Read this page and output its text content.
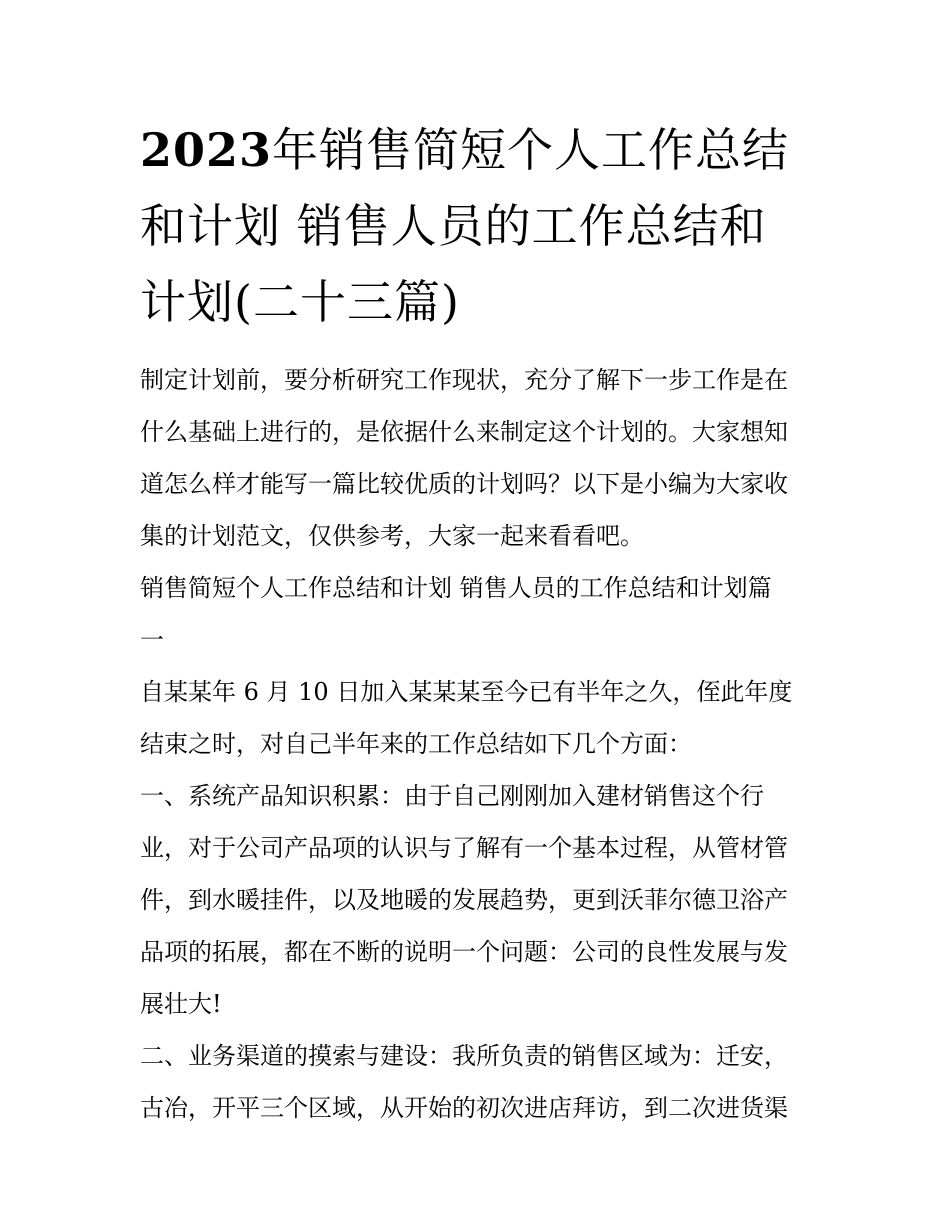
2023年销售简短个人工作总结
和计划 销售人员的工作总结和
计划(二十三篇)

制定计划前，要分析研究工作现状，充分了解下一步工作是在
什么基础上进行的，是依据什么来制定这个计划的。大家想知
道怎么样才能写一篇比较优质的计划吗？以下是小编为大家收
集的计划范文，仅供参考，大家一起来看看吧。

销售简短个人工作总结和计划 销售人员的工作总结和计划篇
一

自某某年 6 月 10 日加入某某某至今已有半年之久，侄此年度
结束之时，对自己半年来的工作总结如下几个方面：

一、系统产品知识积累：由于自己刚刚加入建材销售这个行
业，对于公司产品项的认识与了解有一个基本过程，从管材管
件，到水暖挂件，以及地暖的发展趋势，更到沃菲尔德卫浴产
品项的拓展，都在不断的说明一个问题：公司的良性发展与发
展壮大!

二、业务渠道的摸索与建设：我所负责的销售区域为：迁安，
古冶，开平三个区域，从开始的初次进店拜访，到二次进货渠
